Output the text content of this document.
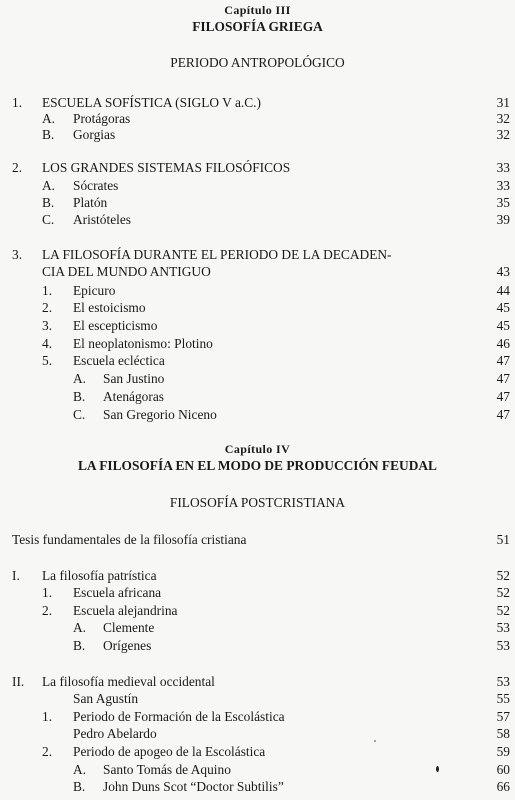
Capítulo III
FILOSOFÍA GRIEGA
PERIODO ANTROPOLÓGICO
1. ESCUELA SOFÍSTICA (SIGLO V a.C.)	31
A. Protágoras	32
B. Gorgias	32
2. LOS GRANDES SISTEMAS FILOSÓFICOS	33
A. Sócrates	33
B. Platón	35
C. Aristóteles	39
3. LA FILOSOFÍA DURANTE EL PERIODO DE LA DECADEN-
CIA DEL MUNDO ANTIGUO	43
1. Epicuro	44
2. El estoicismo	45
3. El escepticismo	45
4. El neoplatonismo: Plotino	46
5. Escuela ecléctica	47
A. San Justino	47
B. Atenágoras	47
C. San Gregorio Niceno	47
Capítulo IV
LA FILOSOFÍA EN EL MODO DE PRODUCCIÓN FEUDAL
FILOSOFÍA POSTCRISTIANA
Tesis fundamentales de la filosofía cristiana	51
I. La filosofía patrística	52
1. Escuela africana	52
2. Escuela alejandrina	52
A. Clemente	53
B. Orígenes	53
II. La filosofía medieval occidental	53
San Agustín	55
1. Periodo de Formación de la Escolástica	57
Pedro Abelardo	58
2. Periodo de apogeo de la Escolástica	59
A. Santo Tomás de Aquino	60
B. John Duns Scot “Doctor Subtilis”	66
